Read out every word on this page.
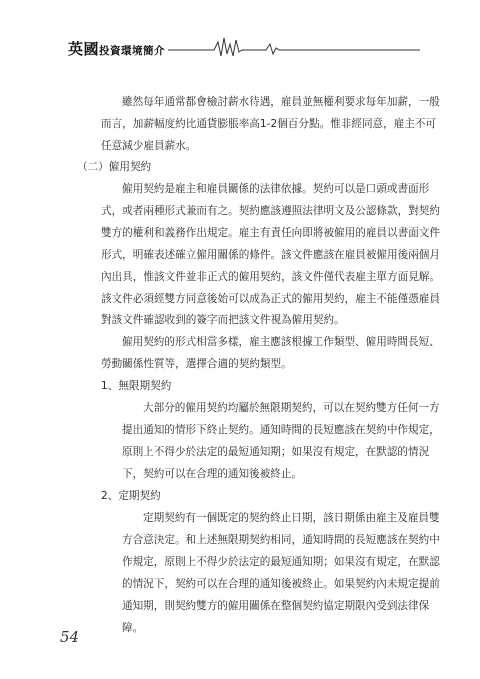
英國投資環境簡介

雖然每年通常都會檢討薪水待遇，雇員並無權利要求每年加薪，一般

而言，加薪幅度約比通貨膨脹率高1-2個百分點。惟非經同意，雇主不可

任意減少雇員薪水。

（二）僱用契約

僱用契約是雇主和雇員關係的法律依據。契約可以是口頭或書面形

式，或者兩種形式兼而有之。契約應該遵照法律明文及公認條款，對契約

雙方的權利和義務作出規定。雇主有責任向即將被僱用的雇員以書面文件

形式，明確表述確立僱用關係的條件。該文件應該在雇員被僱用後兩個月

內出具，惟該文件並非正式的僱用契約，該文件僅代表雇主單方面見解。

該文件必須經雙方同意後始可以成為正式的僱用契約，雇主不能僅憑雇員

對該文件確認收到的簽字而把該文件視為僱用契約。

僱用契約的形式相當多樣，雇主應該根據工作類型、僱用時間長短、

勞動關係性質等，選擇合適的契約類型。

1、無限期契約

大部分的僱用契約均屬於無限期契約，可以在契約雙方任何一方

提出通知的情形下終止契約。通知時間的長短應該在契約中作規定，

原則上不得少於法定的最短通知期；如果沒有規定，在默認的情況

下，契約可以在合理的通知後被終止。

2、定期契約

定期契約有一個既定的契約終止日期，該日期係由雇主及雇員雙

方合意決定。和上述無限期契約相同，通知時間的長短應該在契約中

作規定，原則上不得少於法定的最短通知期；如果沒有規定，在默認

的情況下，契約可以在合理的通知後被終止。如果契約內未規定提前

通知期，則契約雙方的僱用關係在整個契約協定期限內受到法律保

障。

54
